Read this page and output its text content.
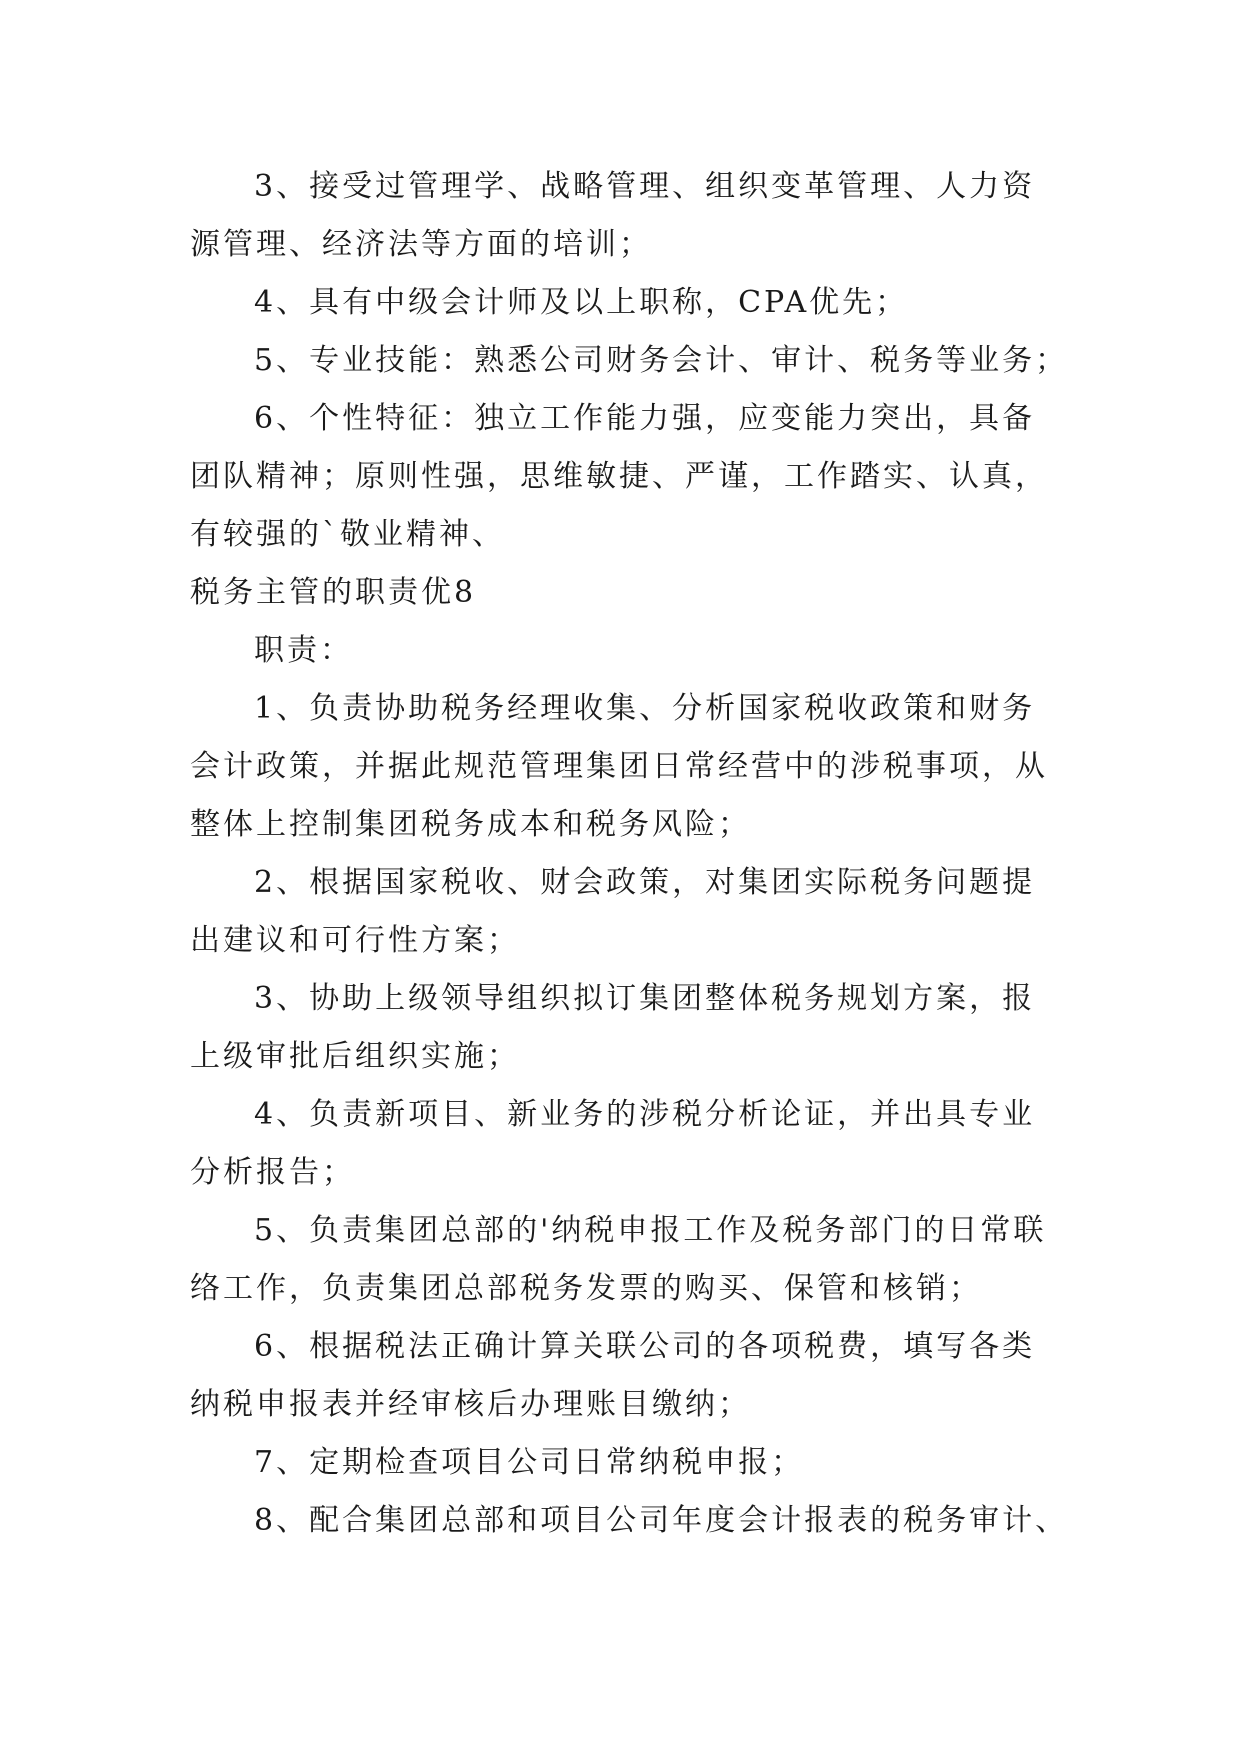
3、接受过管理学、战略管理、组织变革管理、人力资
源管理、经济法等方面的培训；
4、具有中级会计师及以上职称，CPA优先；
5、专业技能：熟悉公司财务会计、审计、税务等业务；
6、个性特征：独立工作能力强，应变能力突出，具备
团队精神；原则性强，思维敏捷、严谨，工作踏实、认真，
有较强的`敬业精神、
税务主管的职责优8
职责：
1、负责协助税务经理收集、分析国家税收政策和财务
会计政策，并据此规范管理集团日常经营中的涉税事项，从
整体上控制集团税务成本和税务风险；
2、根据国家税收、财会政策，对集团实际税务问题提
出建议和可行性方案；
3、协助上级领导组织拟订集团整体税务规划方案，报
上级审批后组织实施；
4、负责新项目、新业务的涉税分析论证，并出具专业
分析报告；
5、负责集团总部的'纳税申报工作及税务部门的日常联
络工作，负责集团总部税务发票的购买、保管和核销；
6、根据税法正确计算关联公司的各项税费，填写各类
纳税申报表并经审核后办理账目缴纳；
7、定期检查项目公司日常纳税申报；
8、配合集团总部和项目公司年度会计报表的税务审计、
